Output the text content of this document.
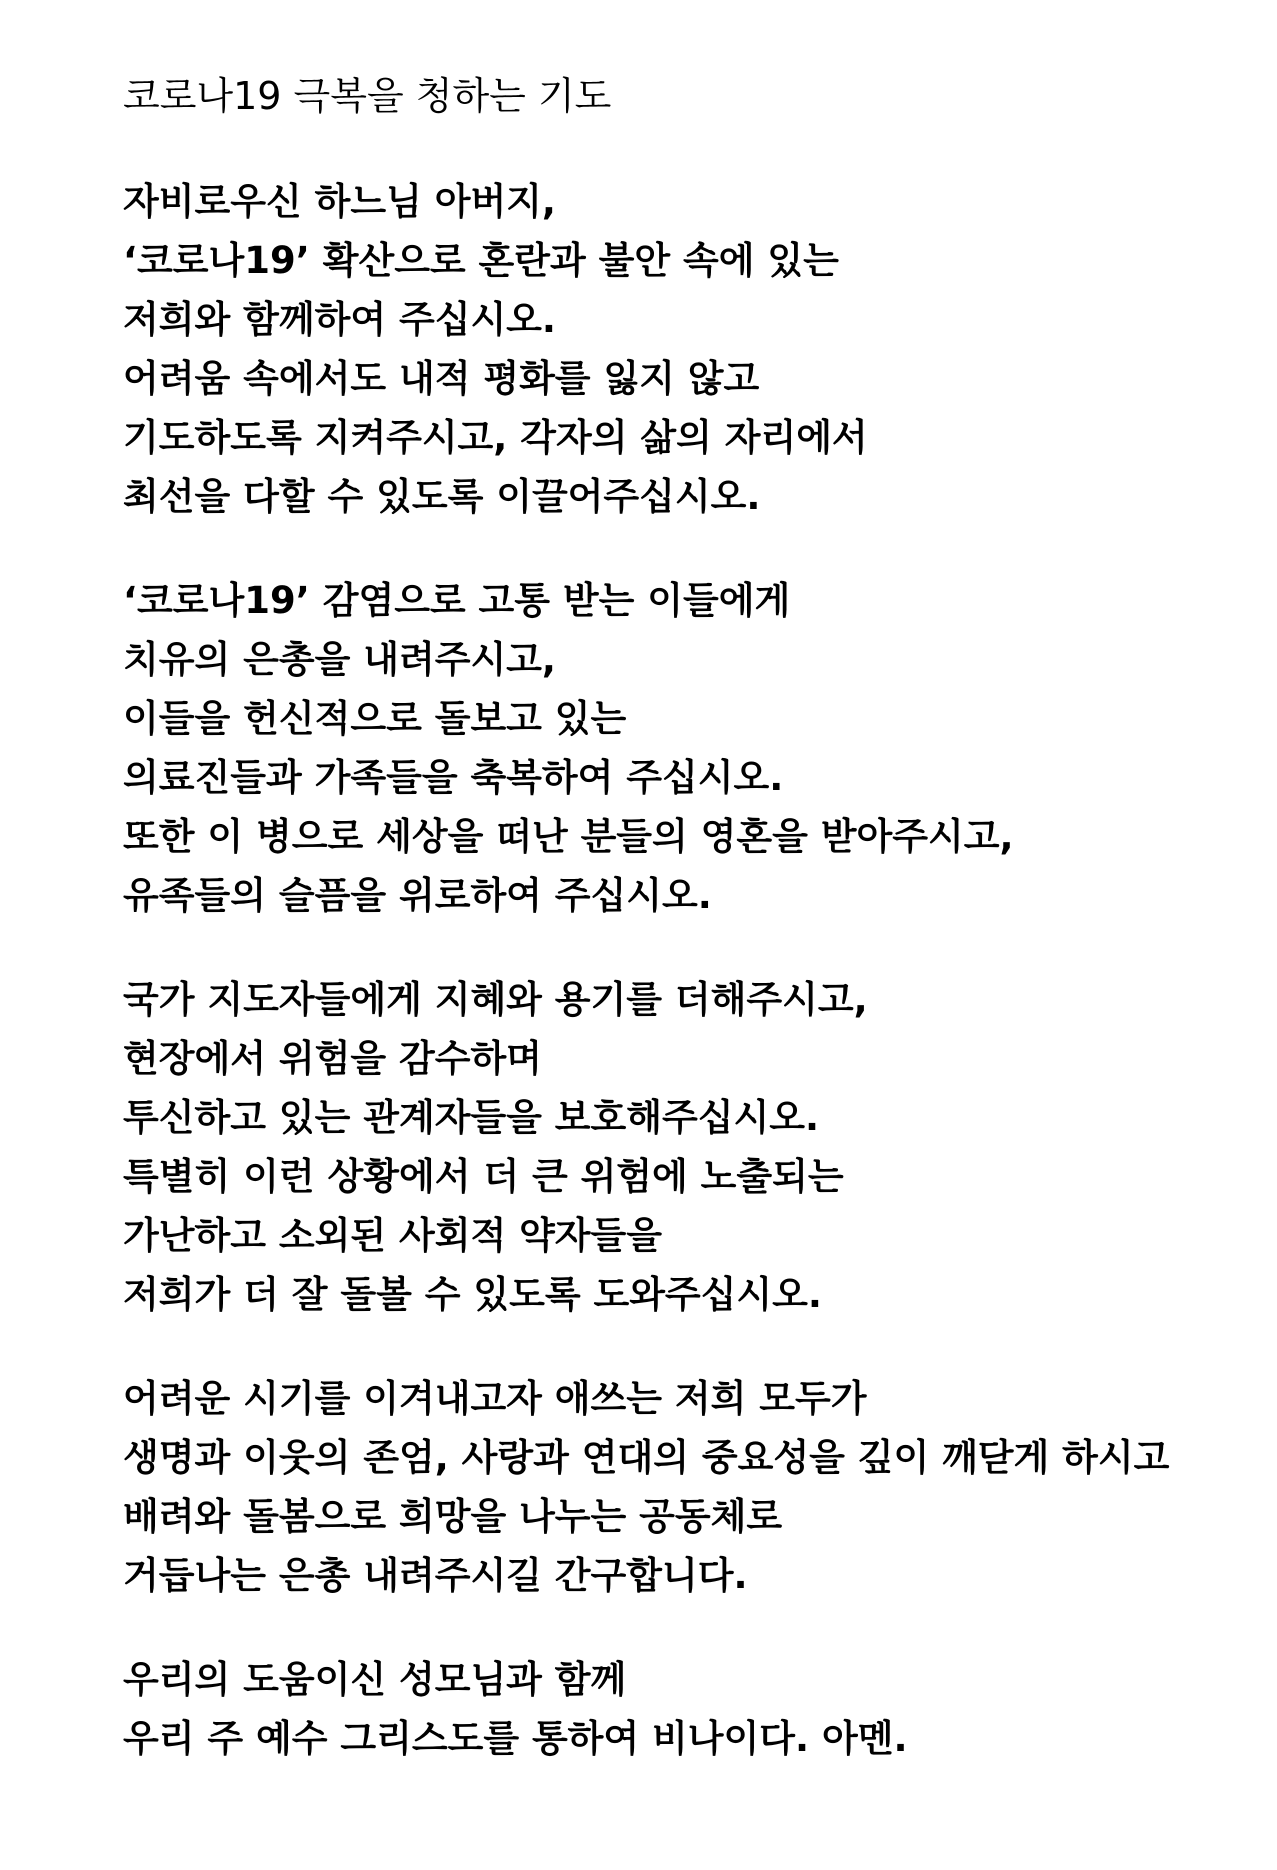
코로나19 극복을 청하는 기도
자비로우신 하느님 아버지,
‘코로나19’ 확산으로 혼란과 불안 속에 있는
저희와 함께하여 주십시오.
어려움 속에서도 내적 평화를 잃지 않고
기도하도록 지켜주시고, 각자의 삶의 자리에서
최선을 다할 수 있도록 이끌어주십시오.
‘코로나19’ 감염으로 고통 받는 이들에게
치유의 은총을 내려주시고,
이들을 헌신적으로 돌보고 있는
의료진들과 가족들을 축복하여 주십시오.
또한 이 병으로 세상을 떠난 분들의 영혼을 받아주시고,
유족들의 슬픔을 위로하여 주십시오.
국가 지도자들에게 지혜와 용기를 더해주시고,
현장에서 위험을 감수하며
투신하고 있는 관계자들을 보호해주십시오.
특별히 이런 상황에서 더 큰 위험에 노출되는
가난하고 소외된 사회적 약자들을
저희가 더 잘 돌볼 수 있도록 도와주십시오.
어려운 시기를 이겨내고자 애쓰는 저희 모두가
생명과 이웃의 존엄, 사랑과 연대의 중요성을 깊이 깨닫게 하시고
배려와 돌봄으로 희망을 나누는 공동체로
거듭나는 은총 내려주시길 간구합니다.
우리의 도움이신 성모님과 함께
우리 주 예수 그리스도를 통하여 비나이다. 아멘.
